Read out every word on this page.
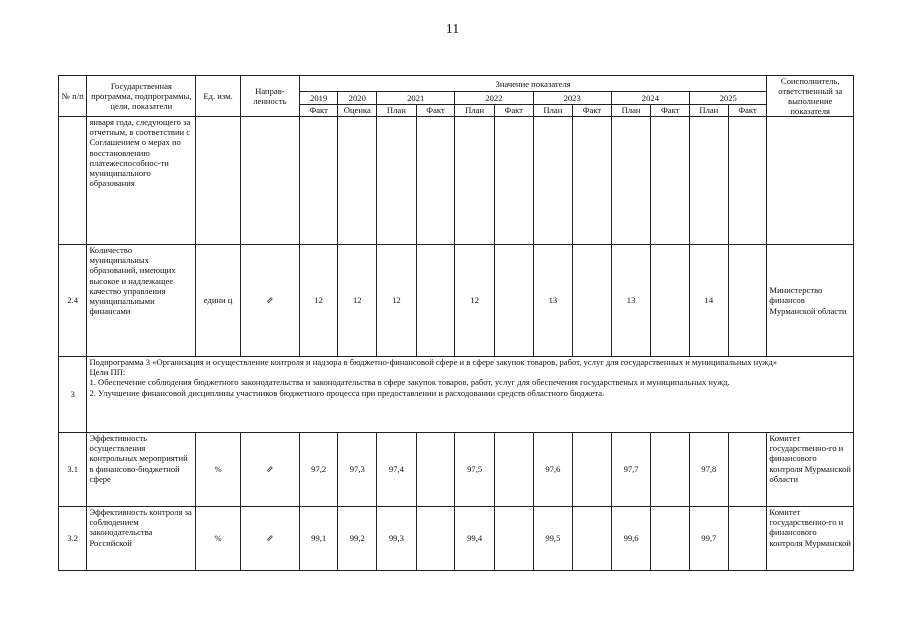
11
№ п/п	Государственная программа, подпрограммы, цели, показатели	Ед. изм.	Направ-ленность	Значение показателя												Соисполнитель, ответственный за выполнение показателя
				2019	2020	2021		2022		2023		2024		2025		
				Факт	Оценка	План	Факт	План	Факт	План	Факт	План	Факт	План	Факт	
	января года, следующего за отчетным, в соответствии с Соглашением о мерах по восстановлению платежеспособнос-ти муниципального образования															
2.4	Количество муниципальных образований, имеющих высокое и надлежащее качество управления муниципальными финансами	едини ц	⇗	12	12	12		12		13		13		14		Министерство финансов Мурманской области
3	Подпрограмма 3 «Организация и осуществление контроля и надзора в бюджетно-финансовой сфере и в сфере закупок товаров, работ, услуг для государственных и муниципальных нужд»
Цели ПП:
1. Обеспечение соблюдения бюджетного законодательства и законодательства в сфере закупок товаров, работ, услуг для обеспечения государственых и муниципальных нужд.
2. Улучшение финансовой дисциплины участников бюджетного процесса при предоставлении и расходовании средств областного бюджета.															

3.1	Эффективность осуществления контрольных мероприятий в финансово-бюджетной сфере	%	⇗	97,2	97,3	97,4		97,5		97,6		97,7		97,8		Комитет государственно-го и финансового контроля Мурманской области
3.2	Эффективность контроля за соблюдением законодательства Российской	%	⇗	99,1	99,2	99,3		99,4		99,5		99,6		99,7		Комитет государственно-го и финансового контроля Мурманской
